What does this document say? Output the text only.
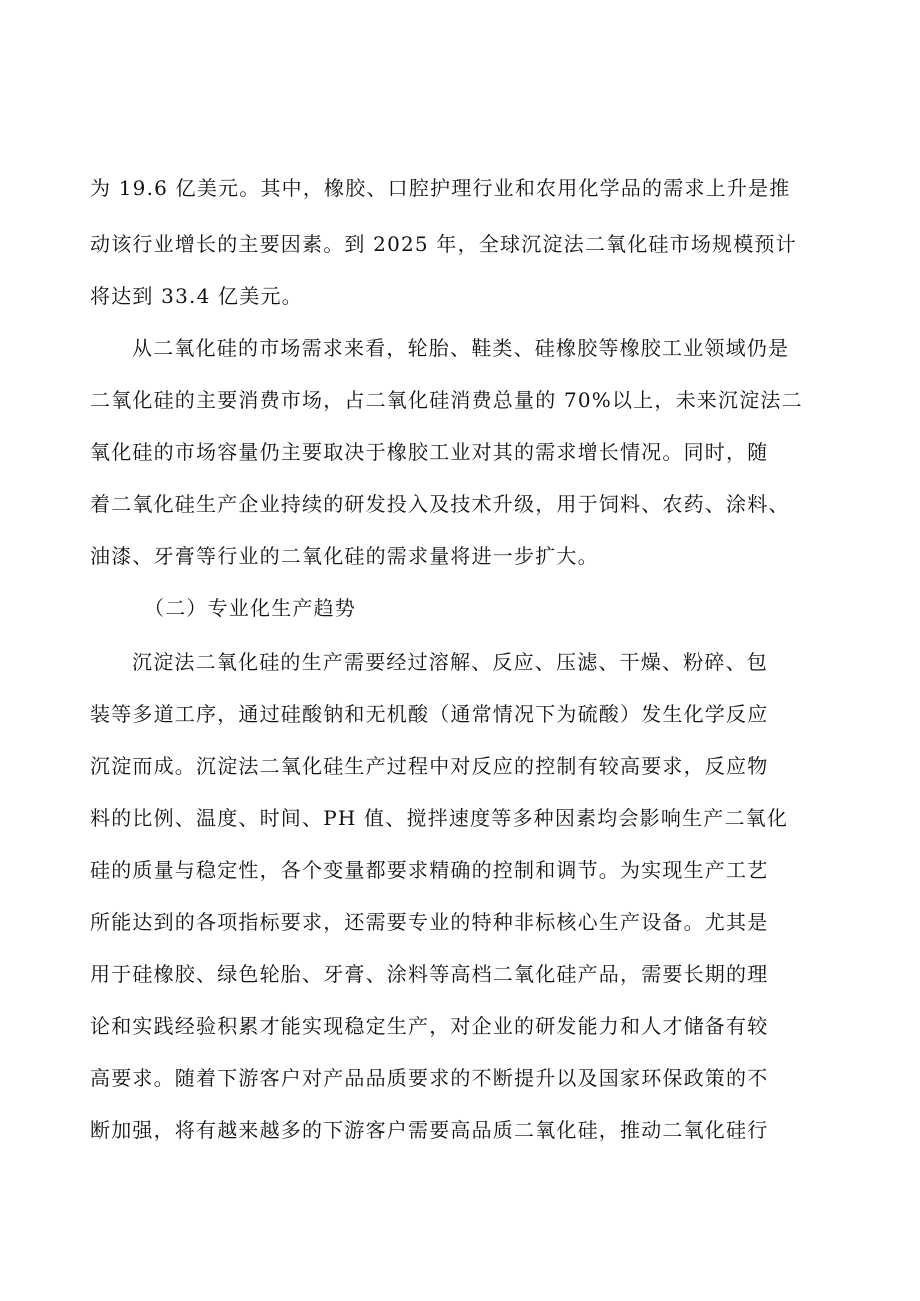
为 19.6 亿美元。其中，橡胶、口腔护理行业和农用化学品的需求上升是推
动该行业增长的主要因素。到 2025 年，全球沉淀法二氧化硅市场规模预计
将达到 33.4 亿美元。
从二氧化硅的市场需求来看，轮胎、鞋类、硅橡胶等橡胶工业领域仍是
二氧化硅的主要消费市场，占二氧化硅消费总量的 70%以上，未来沉淀法二
氧化硅的市场容量仍主要取决于橡胶工业对其的需求增长情况。同时，随
着二氧化硅生产企业持续的研发投入及技术升级，用于饲料、农药、涂料、
油漆、牙膏等行业的二氧化硅的需求量将进一步扩大。
（二）专业化生产趋势
沉淀法二氧化硅的生产需要经过溶解、反应、压滤、干燥、粉碎、包
装等多道工序，通过硅酸钠和无机酸（通常情况下为硫酸）发生化学反应
沉淀而成。沉淀法二氧化硅生产过程中对反应的控制有较高要求，反应物
料的比例、温度、时间、PH 值、搅拌速度等多种因素均会影响生产二氧化
硅的质量与稳定性，各个变量都要求精确的控制和调节。为实现生产工艺
所能达到的各项指标要求，还需要专业的特种非标核心生产设备。尤其是
用于硅橡胶、绿色轮胎、牙膏、涂料等高档二氧化硅产品，需要长期的理
论和实践经验积累才能实现稳定生产，对企业的研发能力和人才储备有较
高要求。随着下游客户对产品品质要求的不断提升以及国家环保政策的不
断加强，将有越来越多的下游客户需要高品质二氧化硅，推动二氧化硅行
